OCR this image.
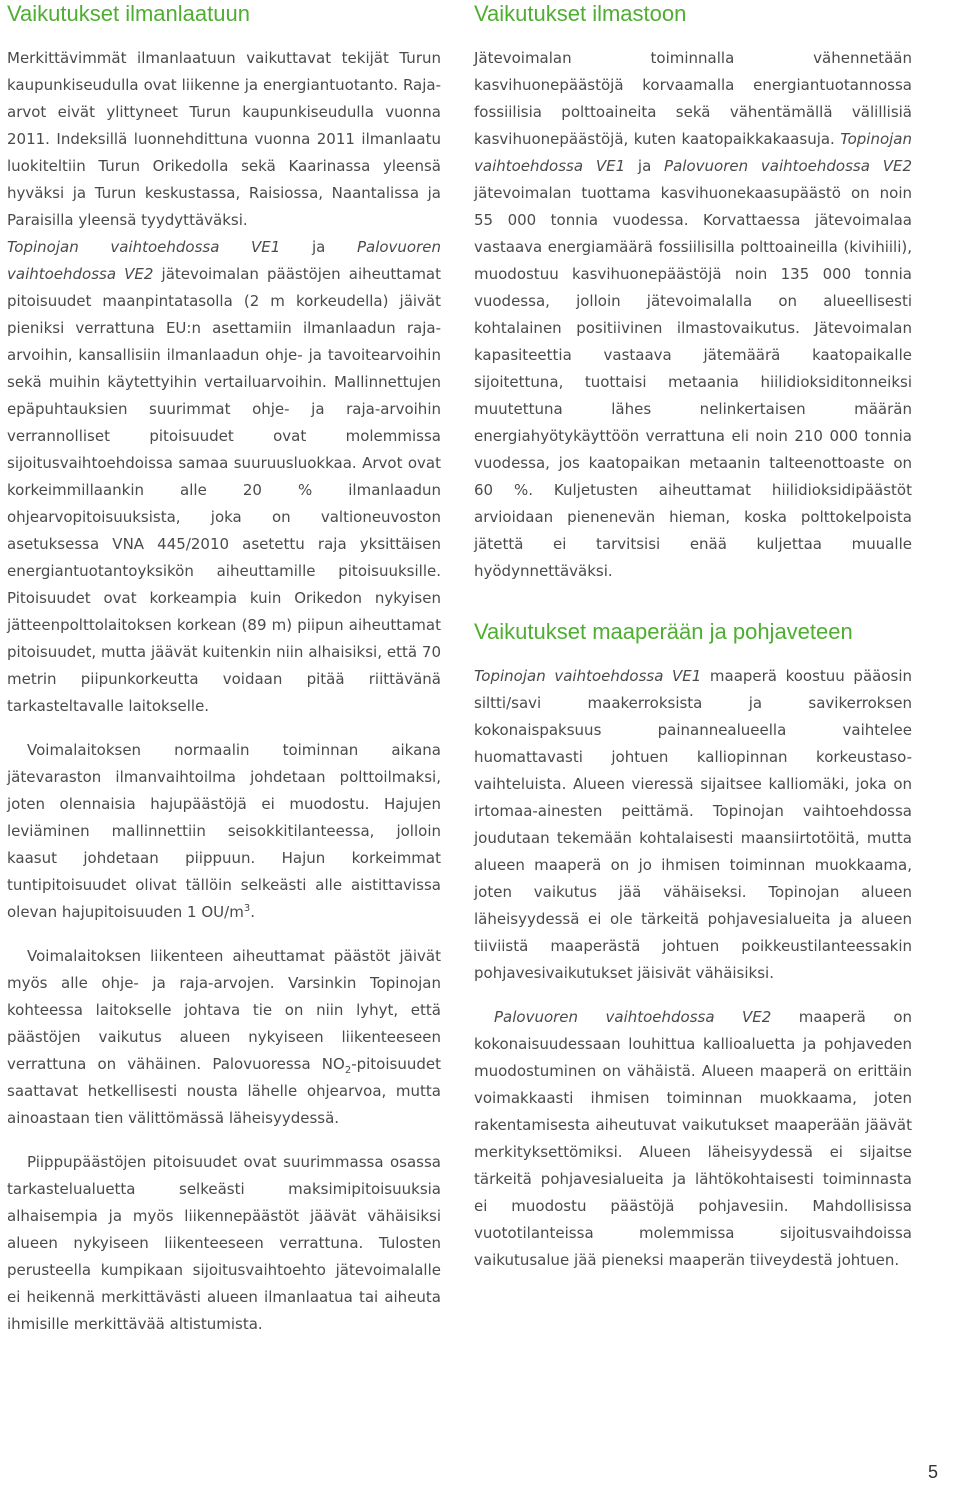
Vaikutukset ilmanlaatuun

Merkittävimmät ilmanlaatuun vaikuttavat tekijät Turun kaupunkiseudulla ovat liikenne ja energiantuotanto. Raja-arvot eivät ylittyneet Turun kaupunkiseudulla vuonna 2011. Indeksillä luonnehdittuna vuonna 2011 ilmanlaatu luokiteltiin Turun Orikedolla sekä Kaarinassa yleensä hyväksi ja Turun keskustassa, Raisiossa, Naantalissa ja Paraisilla yleensä tyydyttäväksi.

Topinojan vaihtoehdossa VE1 ja Palovuoren vaihtoehdossa VE2 jätevoimalan päästöjen aiheuttamat pitoisuudet maanpintatasolla (2 m korkeudella) jäivät pieniksi verrattuna EU:n asettamiin ilmanlaadun raja-arvoihin, kansallisiin ilmanlaadun ohje- ja tavoitearvoihin sekä muihin käytettyihin vertailuarvoihin. Mallinnettujen epäpuhtauksien suurimmat ohje- ja raja-arvoihin verrannolliset pitoisuudet ovat molemmissa sijoitusvaihtoehdoissa samaa suuruusluokkaa. Arvot ovat korkeimmillaankin alle 20 % ilmanlaadun ohjearvopitoisuuksista, joka on valtioneuvoston asetuksessa VNA 445/2010 asetettu raja yksittäisen energiantuotantoyksikön aiheuttamille pitoisuuksille. Pitoisuudet ovat korkeampia kuin Orikedon nykyisen jätteenpolttolaitoksen korkean (89 m) piipun aiheuttamat pitoisuudet, mutta jäävät kuitenkin niin alhaisiksi, että 70 metrin piipunkorkeutta voidaan pitää riittävänä tarkasteltavalle laitokselle.

Voimalaitoksen normaalin toiminnan aikana jätevaraston ilmanvaihtoilma johdetaan polttoilmaksi, joten olennaisia hajupäästöjä ei muodostu. Hajujen leviäminen mallinnettiin seisokkitilanteessa, jolloin kaasut johdetaan piippuun. Hajun korkeimmat tuntipitoisuudet olivat tällöin selkeästi alle aistittavissa olevan hajupitoisuuden 1 $OU/m^3$.

Voimalaitoksen liikenteen aiheuttamat päästöt jäivät myös alle ohje- ja raja-arvojen. Varsinkin Topinojan kohteessa laitokselle johtava tie on niin lyhyt, että päästöjen vaikutus alueen nykyiseen liikenteeseen verrattuna on vähäinen. Palovuoressa $NO_2$-pitoisuudet saattavat hetkellisesti nousta lähelle ohjearvoa, mutta ainoastaan tien välittömässä läheisyydessä.

Piippupäästöjen pitoisuudet ovat suurimmassa osassa tarkastelualuetta selkeästi maksimipitoisuuksia alhaisempia ja myös liikennepäästöt jäävät vähäisiksi alueen nykyiseen liikenteeseen verrattuna. Tulosten perusteella kumpikaan sijoitusvaihtoehto jätevoimalalle ei heikennä merkittävästi alueen ilmanlaatua tai aiheuta ihmisille merkittävää altistumista.

Vaikutukset ilmastoon

Jätevoimalan toiminnalla vähennetään kasvihuonepäästöjä korvaamalla energiantuotannossa fossiilisia polttoaineita sekä vähentämällä välillisiä kasvihuonepäästöjä, kuten kaatopaikkakaasuja. Topinojan vaihtoehdossa VE1 ja Palovuoren vaihtoehdossa VE2 jätevoimalan tuottama kasvihuonekaasupäästö on noin 55 000 tonnia vuodessa. Korvattaessa jätevoimalaa vastaava energiamäärä fossiilisilla polttoaineilla (kivihiili), muodostuu kasvihuonepäästöjä noin 135 000 tonnia vuodessa, jolloin jätevoimalalla on alueellisesti kohtalainen positiivinen ilmastovaikutus. Jätevoimalan kapasiteettia vastaava jätemäärä kaatopaikalle sijoitettuna, tuottaisi metaania hiilidioksiditonneiksi muutettuna lähes nelinkertaisen määrän energiahyötykäyttöön verrattuna eli noin 210 000 tonnia vuodessa, jos kaatopaikan metaanin talteenottoaste on 60 %. Kuljetusten aiheuttamat hiilidioksidipäästöt arvioidaan pienenevän hieman, koska polttokelpoista jätettä ei tarvitsisi enää kuljettaa muualle hyödynnettäväksi.

Vaikutukset maaperään ja pohjaveteen

Topinojan vaihtoehdossa VE1 maaperä koostuu pääosin siltti/savi maakerroksista ja savikerroksen kokonaispaksuus painannealueella vaihtelee huomattavasti johtuen kalliopinnan korkeustaso-vaihteluista. Alueen vieressä sijaitsee kalliomäki, joka on irtomaa-ainesten peittämä. Topinojan vaihtoehdossa joudutaan tekemään kohtalaisesti maansiirtotöitä, mutta alueen maaperä on jo ihmisen toiminnan muokkaama, joten vaikutus jää vähäiseksi. Topinojan alueen läheisyydessä ei ole tärkeitä pohjavesialueita ja alueen tiiviistä maaperästä johtuen poikkeustilanteessakin pohjavesivaikutukset jäisivät vähäisiksi.

Palovuoren vaihtoehdossa VE2 maaperä on kokonaisuudessaan louhittua kallioaluetta ja pohjaveden muodostuminen on vähäistä. Alueen maaperä on erittäin voimakkaasti ihmisen toiminnan muokkaama, joten rakentamisesta aiheutuvat vaikutukset maaperään jäävät merkityksettömiksi. Alueen läheisyydessä ei sijaitse tärkeitä pohjavesialueita ja lähtökohtaisesti toiminnasta ei muodostu päästöjä pohjavesiin. Mahdollisissa vuototilanteissa molemmissa sijoitusvaihdoissa vaikutusalue jää pieneksi maaperän tiiveydestä johtuen.

5
